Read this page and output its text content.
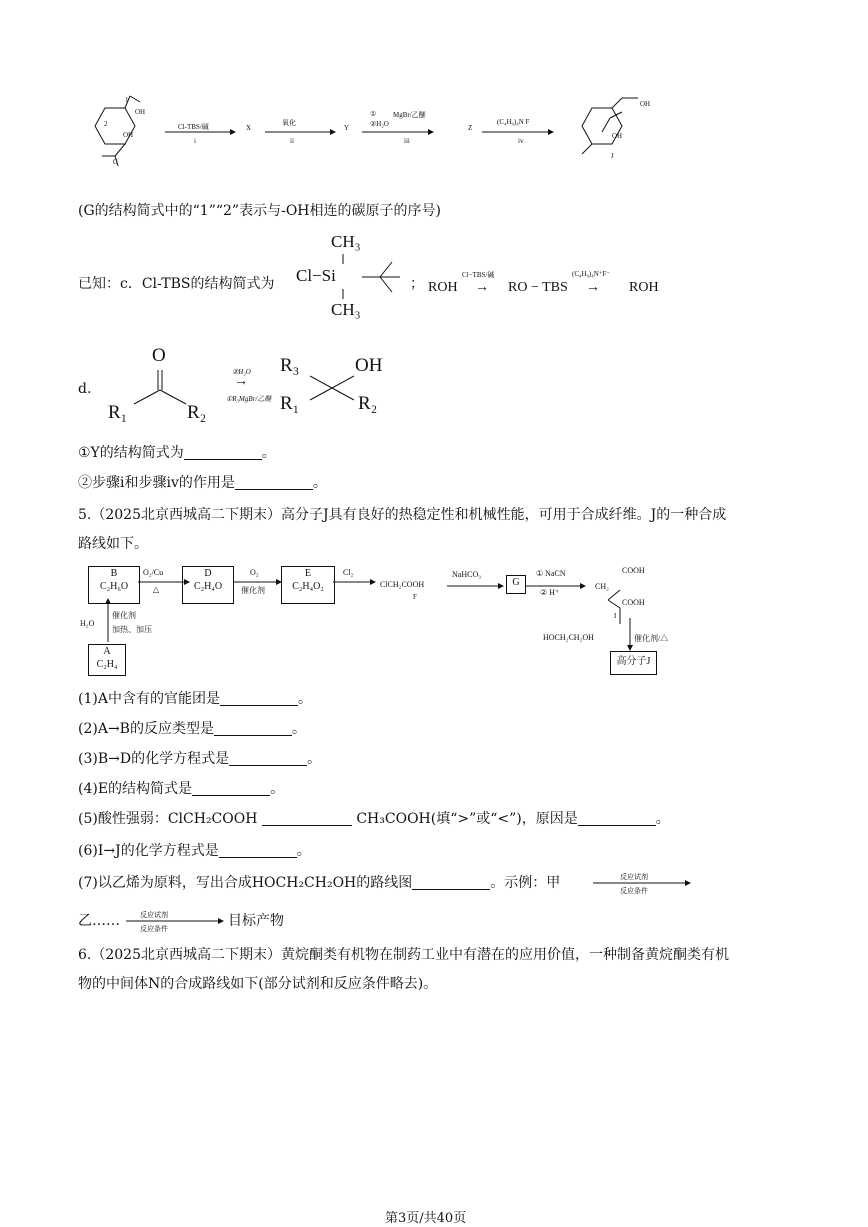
1
OH
2
OH
G
Cl-TBS/碱
i
X
氧化
ii
Y
① MgBr/乙醚
②H₂O
iii
Z
(C₄H₉)₄N F
iv
OH
OH
J
(G的结构简式中的“1”“2”表示与-OH相连的碳原子的序号)
已知：c．Cl-TBS的结构简式为
CH₃
Cl−Si
CH₃
； ROH
Cl−TBS/碱
→ RO − TBS
(C₄H₉)₄N⁺F⁻
→ ROH
d.
O
R₁	R₂
②H₂O
→
①R₃MgBr/乙醚
R₃	OH
R₁	R₂
①Y的结构简式为	。
②步骤i和步骤iv的作用是	。
5.（2025北京西城高二下期末）高分子J具有良好的热稳定性和机械性能，可用于合成纤维。J的一种合成
路线如下。
B
C₂H₆O
O₂/Cu
△
D
C₂H₄O
O₂
催化剂
E
C₂H₄O₂
Cl₂
ClCH₂COOH
F
NaHCO₃
G
① NaCN
② H⁺
COOH
CH₂
COOH
I
HOCH₂CH₂OH	催化剂/△
高分子J
H₂O
催化剂
加热、加压
A
C₂H₄
(1)A中含有的官能团是	。
(2)A→B的反应类型是	。
(3)B→D的化学方程式是	。
(4)E的结构简式是	。
(5)酸性强弱：ClCH₂COOH	CH₃COOH(填“>”或“<”)，原因是	。
(6)I→J的化学方程式是	。
(7)以乙烯为原料，写出合成HOCH₂CH₂OH的路线图	。示例：甲	反应试剂
反应条件
乙……	反应试剂
反应条件	目标产物
6.（2025北京西城高二下期末）黄烷酮类有机物在制药工业中有潜在的应用价值，一种制备黄烷酮类有机
物的中间体N的合成路线如下(部分试剂和反应条件略去)。
第3页/共40页
